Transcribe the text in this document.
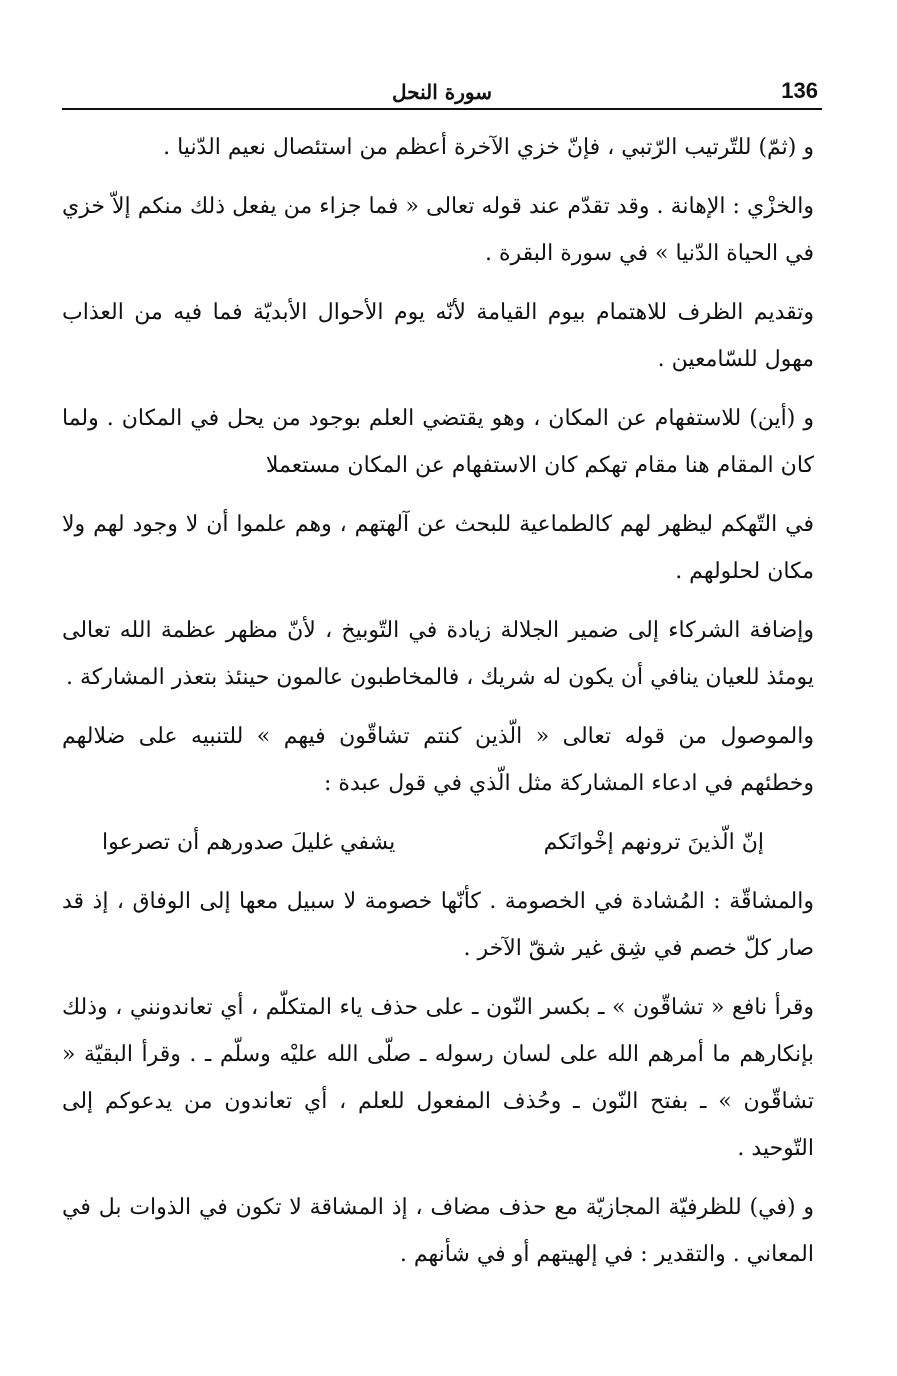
136
سورة النحل

و (ثمّ) للتّرتيب الرّتبي ، فإنّ خزي الآخرة أعظم من استئصال نعيم الدّنيا .

والخزْي : الإهانة . وقد تقدّم عند قوله تعالى « فما جزاء من يفعل ذلك منكم إلاّ خزي في الحياة الدّنيا » في سورة البقرة .

وتقديم الظرف للاهتمام بيوم القيامة لأنّه يوم الأحوال الأبديّة فما فيه من العذاب مهول للسّامعين .

و (أين) للاستفهام عن المكان ، وهو يقتضي العلم بوجود من يحل في المكان . ولما كان المقام هنا مقام تهكم كان الاستفهام عن المكان مستعملا

في التّهكم ليظهر لهم كالطماعية للبحث عن آلهتهم ، وهم علموا أن لا وجود لهم ولا مكان لحلولهم .

وإضافة الشركاء إلى ضمير الجلالة زيادة في التّوبيخ ، لأنّ مظهر عظمة الله تعالى يومئذ للعيان ينافي أن يكون له شريك ، فالمخاطبون عالمون حينئذ بتعذر المشاركة .

والموصول من قوله تعالى « الّذين كنتم تشاقّون فيهم » للتنبيه على ضلالهم وخطئهم في ادعاء المشاركة مثل الّذي في قول عبدة :

إنّ الّذينَ ترونهم إخْوانَكم
يشفي غليلَ صدورهم أن تصرعوا

والمشاقّة : المُشادة في الخصومة . كأنّها خصومة لا سبيل معها إلى الوفاق ، إذ قد صار كلّ خصم في شِق غير شقّ الآخر .

وقرأ نافع « تشاقّون » ـ بكسر النّون ـ على حذف ياء المتكلّم ، أي تعاندونني ، وذلك بإنكارهم ما أمرهم الله على لسان رسوله ـ صلّى الله عليْه وسلّم ـ . وقرأ البقيّة « تشاقّون » ـ بفتح النّون ـ وحُذف المفعول للعلم ، أي تعاندون من يدعوكم إلى التّوحيد .

و (في) للظرفيّة المجازيّة مع حذف مضاف ، إذ المشاقة لا تكون في الذوات بل في المعاني . والتقدير : في إلهيتهم أو في شأنهم .
